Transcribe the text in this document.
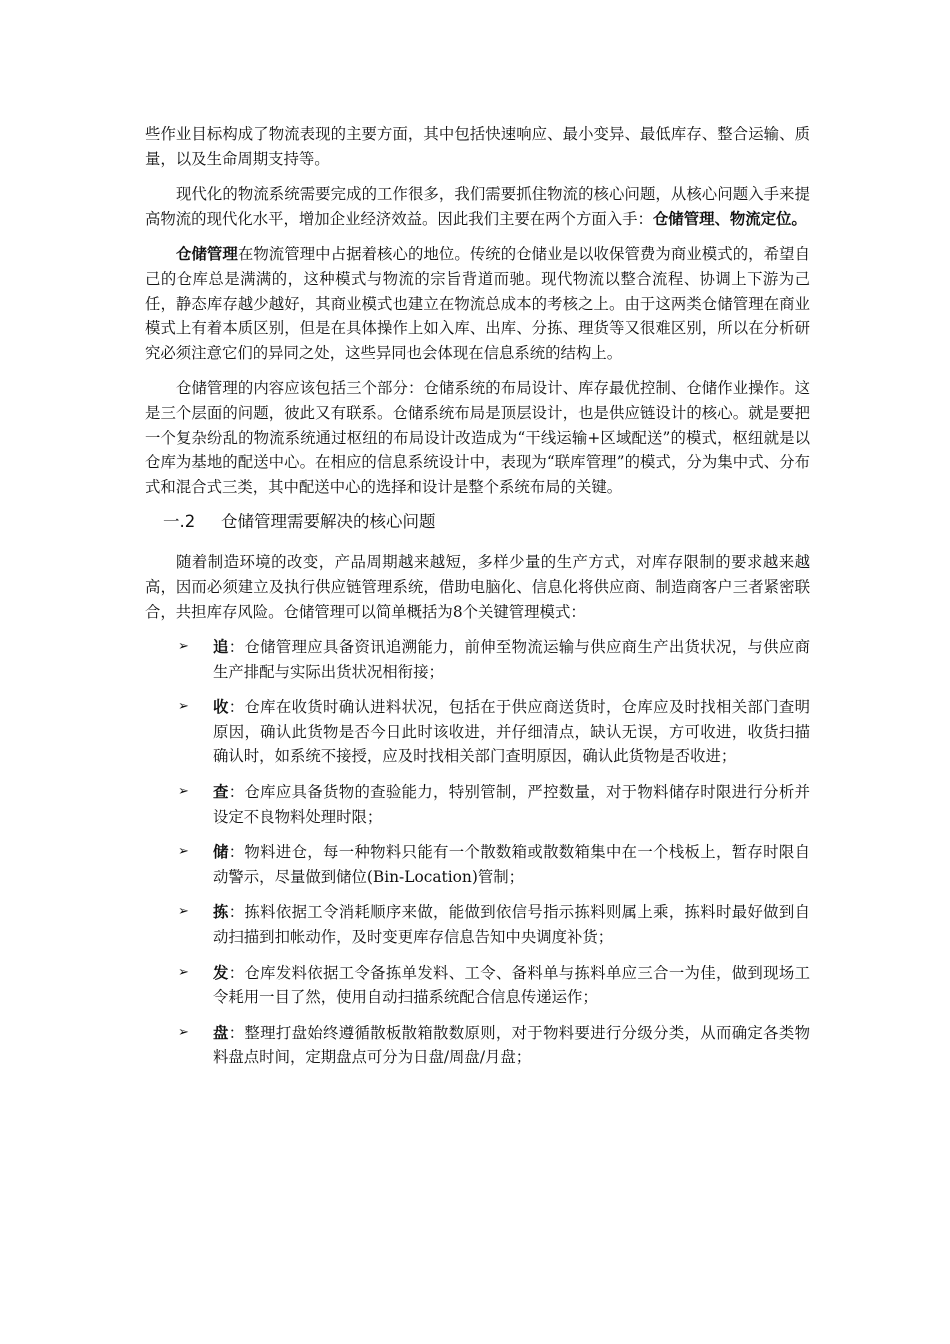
些作业目标构成了物流表现的主要方面，其中包括快速响应、最小变异、最低库存、整合运输、质量，以及生命周期支持等。

现代化的物流系统需要完成的工作很多，我们需要抓住物流的核心问题，从核心问题入手来提高物流的现代化水平，增加企业经济效益。因此我们主要在两个方面入手：仓储管理、物流定位。

仓储管理在物流管理中占据着核心的地位。传统的仓储业是以收保管费为商业模式的，希望自己的仓库总是满满的，这种模式与物流的宗旨背道而驰。现代物流以整合流程、协调上下游为己任，静态库存越少越好，其商业模式也建立在物流总成本的考核之上。由于这两类仓储管理在商业模式上有着本质区别，但是在具体操作上如入库、出库、分拣、理货等又很难区别，所以在分析研究必须注意它们的异同之处，这些异同也会体现在信息系统的结构上。

仓储管理的内容应该包括三个部分：仓储系统的布局设计、库存最优控制、仓储作业操作。这是三个层面的问题，彼此又有联系。仓储系统布局是顶层设计，也是供应链设计的核心。就是要把一个复杂纷乱的物流系统通过枢纽的布局设计改造成为“干线运输+区域配送”的模式，枢纽就是以仓库为基地的配送中心。在相应的信息系统设计中，表现为“联库管理”的模式，分为集中式、分布式和混合式三类，其中配送中心的选择和设计是整个系统布局的关键。

一.2 仓储管理需要解决的核心问题

随着制造环境的改变，产品周期越来越短，多样少量的生产方式，对库存限制的要求越来越高，因而必须建立及执行供应链管理系统，借助电脑化、信息化将供应商、制造商客户三者紧密联合，共担库存风险。仓储管理可以简单概括为8个关键管理模式：

➢ 追：仓储管理应具备资讯追溯能力，前伸至物流运输与供应商生产出货状况，与供应商生产排配与实际出货状况相衔接；
➢ 收：仓库在收货时确认进料状况，包括在于供应商送货时，仓库应及时找相关部门查明原因，确认此货物是否今日此时该收进，并仔细清点，缺认无误，方可收进，收货扫描确认时，如系统不接授，应及时找相关部门查明原因，确认此货物是否收进；
➢ 查：仓库应具备货物的查验能力，特别管制，严控数量，对于物料储存时限进行分析并设定不良物料处理时限；
➢ 储：物料进仓，每一种物料只能有一个散数箱或散数箱集中在一个栈板上，暂存时限自动警示，尽量做到储位(Bin-Location)管制；
➢ 拣：拣料依据工令消耗顺序来做，能做到依信号指示拣料则属上乘，拣料时最好做到自动扫描到扣帐动作，及时变更库存信息告知中央调度补货；
➢ 发：仓库发料依据工令备拣单发料、工令、备料单与拣料单应三合一为佳，做到现场工令耗用一目了然，使用自动扫描系统配合信息传递运作；
➢ 盘：整理打盘始终遵循散板散箱散数原则，对于物料要进行分级分类，从而确定各类物料盘点时间，定期盘点可分为日盘/周盘/月盘；
